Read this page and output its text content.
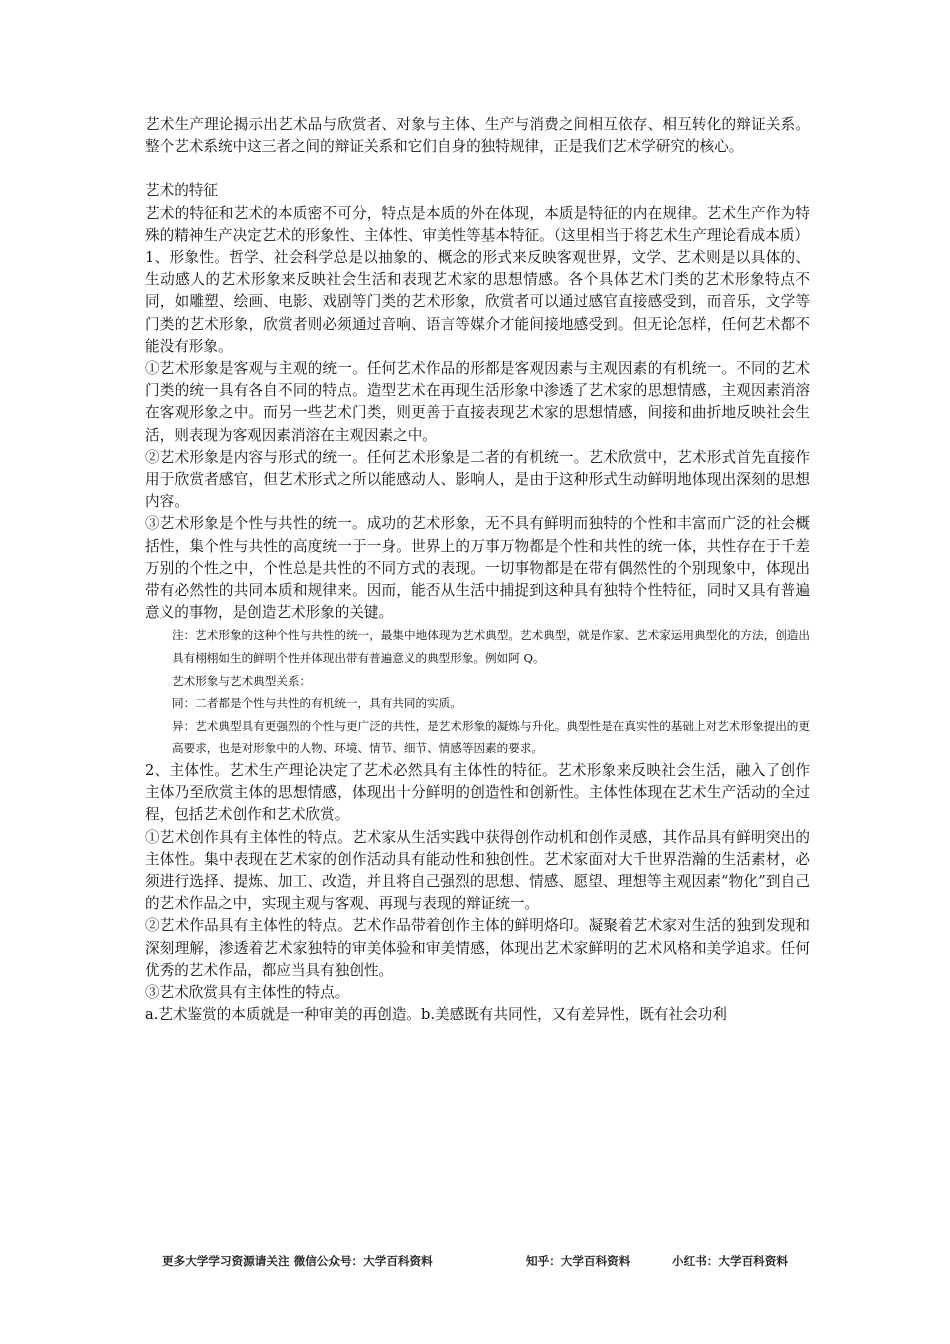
艺术生产理论揭示出艺术品与欣赏者、对象与主体、生产与消费之间相互依存、相互转化的辩证关系。整个艺术系统中这三者之间的辩证关系和它们自身的独特规律，正是我们艺术学研究的核心。

艺术的特征

艺术的特征和艺术的本质密不可分，特点是本质的外在体现，本质是特征的内在规律。艺术生产作为特殊的精神生产决定艺术的形象性、主体性、审美性等基本特征。（这里相当于将艺术生产理论看成本质）

1、形象性。哲学、社会科学总是以抽象的、概念的形式来反映客观世界，文学、艺术则是以具体的、生动感人的艺术形象来反映社会生活和表现艺术家的思想情感。各个具体艺术门类的艺术形象特点不同，如雕塑、绘画、电影、戏剧等门类的艺术形象，欣赏者可以通过感官直接感受到，而音乐，文学等门类的艺术形象，欣赏者则必须通过音响、语言等媒介才能间接地感受到。但无论怎样，任何艺术都不能没有形象。

①艺术形象是客观与主观的统一。任何艺术作品的形都是客观因素与主观因素的有机统一。不同的艺术门类的统一具有各自不同的特点。造型艺术在再现生活形象中渗透了艺术家的思想情感，主观因素消溶在客观形象之中。而另一些艺术门类，则更善于直接表现艺术家的思想情感，间接和曲折地反映社会生活，则表现为客观因素消溶在主观因素之中。

②艺术形象是内容与形式的统一。任何艺术形象是二者的有机统一。艺术欣赏中，艺术形式首先直接作用于欣赏者感官，但艺术形式之所以能感动人、影响人，是由于这种形式生动鲜明地体现出深刻的思想内容。

③艺术形象是个性与共性的统一。成功的艺术形象，无不具有鲜明而独特的个性和丰富而广泛的社会概括性，集个性与共性的高度统一于一身。世界上的万事万物都是个性和共性的统一体，共性存在于千差万别的个性之中，个性总是共性的不同方式的表现。一切事物都是在带有偶然性的个别现象中，体现出带有必然性的共同本质和规律来。因而，能否从生活中捕捉到这种具有独特个性特征，同时又具有普遍意义的事物，是创造艺术形象的关键。

注：艺术形象的这种个性与共性的统一，最集中地体现为艺术典型。艺术典型，就是作家、艺术家运用典型化的方法，创造出具有栩栩如生的鲜明个性并体现出带有普遍意义的典型形象。例如阿 Q。

艺术形象与艺术典型关系：

同：二者都是个性与共性的有机统一，具有共同的实质。

异：艺术典型具有更强烈的个性与更广泛的共性，是艺术形象的凝炼与升化。典型性是在真实性的基础上对艺术形象提出的更高要求，也是对形象中的人物、环境、情节、细节、情感等因素的要求。

2、主体性。艺术生产理论决定了艺术必然具有主体性的特征。艺术形象来反映社会生活，融入了创作主体乃至欣赏主体的思想情感，体现出十分鲜明的创造性和创新性。主体性体现在艺术生产活动的全过程，包括艺术创作和艺术欣赏。

①艺术创作具有主体性的特点。艺术家从生活实践中获得创作动机和创作灵感，其作品具有鲜明突出的主体性。集中表现在艺术家的创作活动具有能动性和独创性。艺术家面对大千世界浩瀚的生活素材，必须进行选择、提炼、加工、改造，并且将自己强烈的思想、情感、愿望、理想等主观因素“物化”到自己的艺术作品之中，实现主观与客观、再现与表现的辩证统一。

②艺术作品具有主体性的特点。艺术作品带着创作主体的鲜明烙印。凝聚着艺术家对生活的独到发现和深刻理解，渗透着艺术家独特的审美体验和审美情感，体现出艺术家鲜明的艺术风格和美学追求。任何优秀的艺术作品，都应当具有独创性。

③艺术欣赏具有主体性的特点。

a.艺术鉴赏的本质就是一种审美的再创造。b.美感既有共同性，又有差异性，既有社会功利

更多大学学习资源请关注 微信公众号：大学百科资料	知乎：大学百科资料	小红书：大学百科资料
